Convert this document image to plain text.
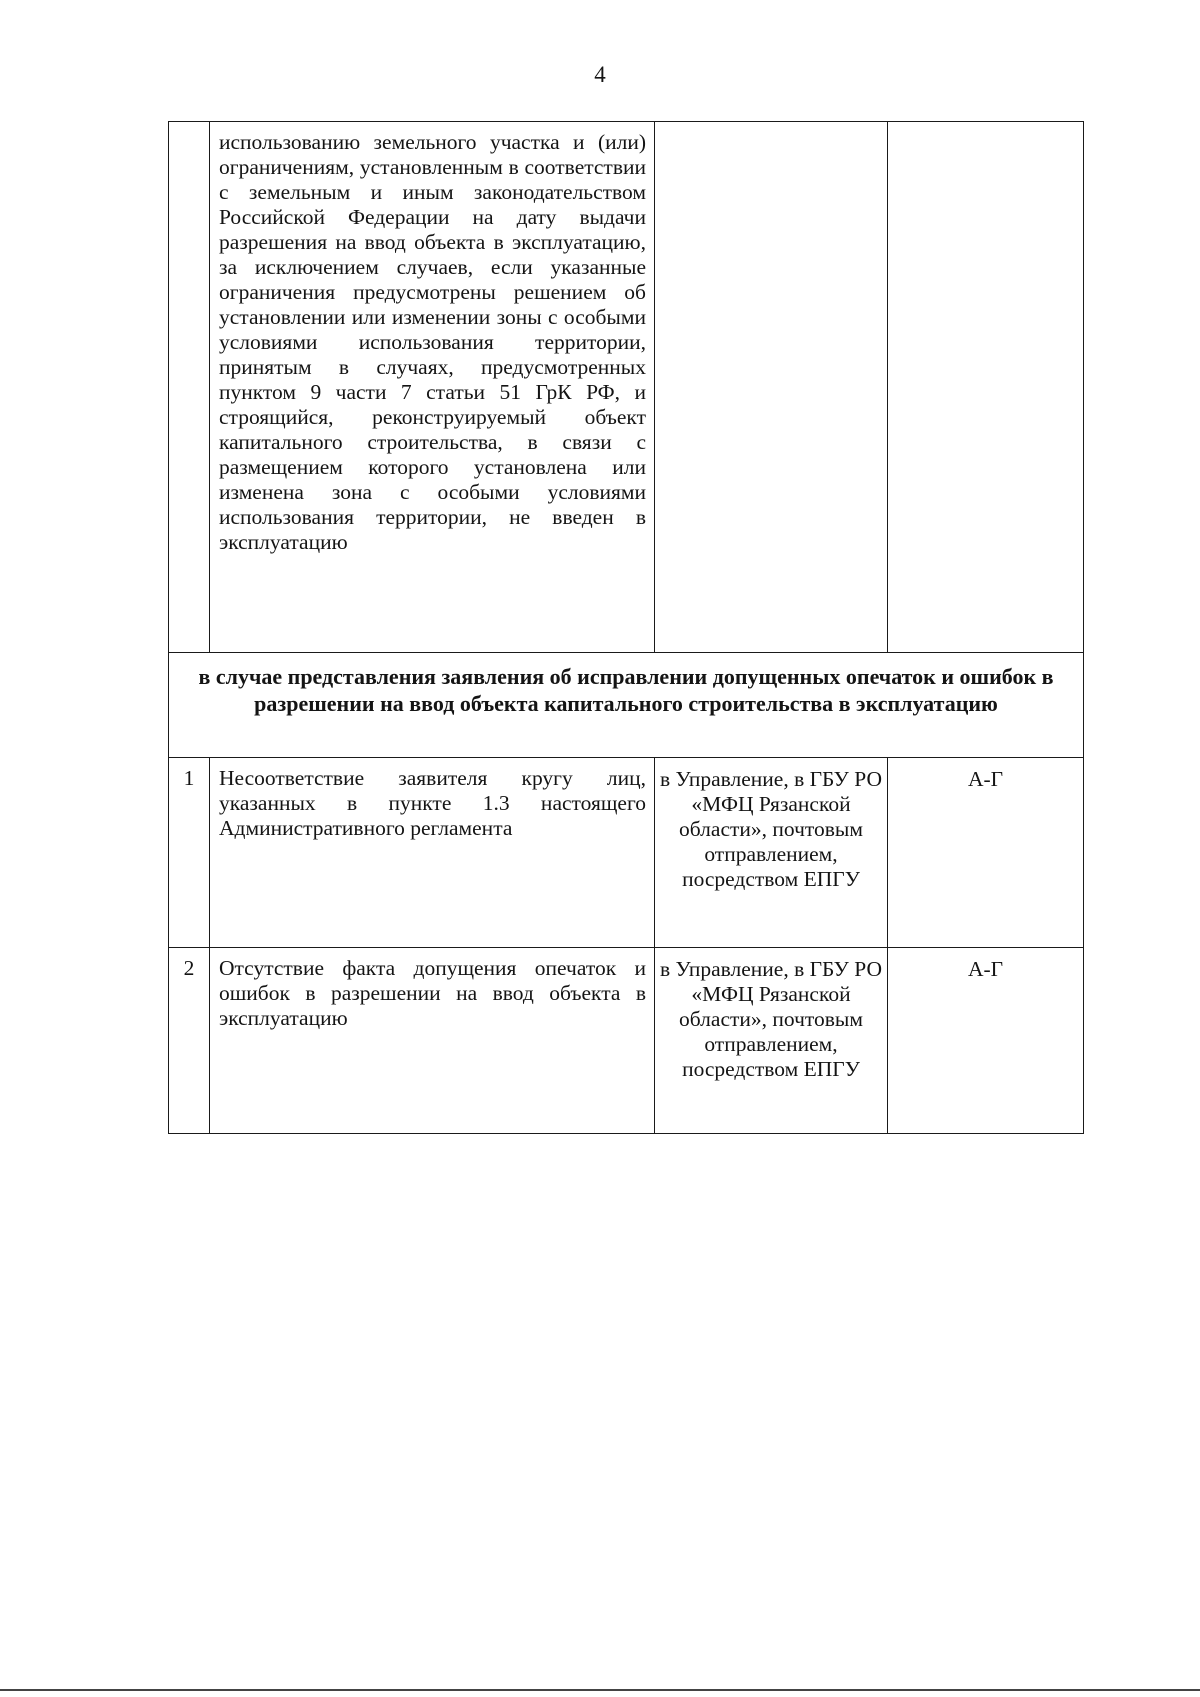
4
	использованию земельного участка и (или) ограничениям, установленным в соответствии с земельным и иным законодательством Российской Федерации на дату выдачи разрешения на ввод объекта в эксплуатацию, за исключением случаев, если указанные ограничения предусмотрены решением об установлении или изменении зоны с особыми условиями использования территории, принятым в случаях, предусмотренных пунктом 9 части 7 статьи 51 ГрК РФ, и строящийся, реконструируемый объект капитального строительства, в связи с размещением которого установлена или изменена зона с особыми условиями использования территории, не введен в эксплуатацию		
в случае представления заявления об исправлении допущенных опечаток и ошибок в разрешении на ввод объекта капитального строительства в эксплуатацию			
1	Несоответствие заявителя кругу лиц, указанных в пункте 1.3 настоящего Административного регламента	в Управление, в ГБУ РО «МФЦ Рязанской области», почтовым отправлением, посредством ЕПГУ	А-Г
2	Отсутствие факта допущения опечаток и ошибок в разрешении на ввод объекта в эксплуатацию	в Управление, в ГБУ РО «МФЦ Рязанской области», почтовым отправлением, посредством ЕПГУ	А-Г
